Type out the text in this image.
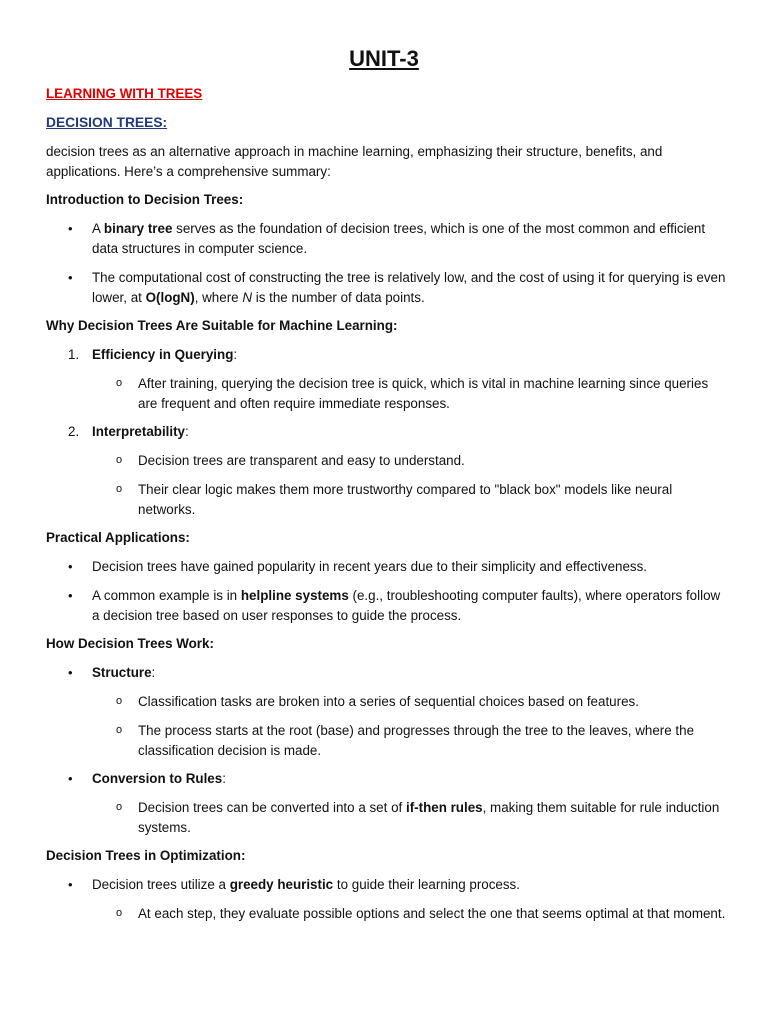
UNIT-3
LEARNING WITH TREES
DECISION TREES:
decision trees as an alternative approach in machine learning, emphasizing their structure, benefits, and applications. Here’s a comprehensive summary:
Introduction to Decision Trees:
• A binary tree serves as the foundation of decision trees, which is one of the most common and efficient data structures in computer science.
• The computational cost of constructing the tree is relatively low, and the cost of using it for querying is even lower, at O(logN), where N is the number of data points.
Why Decision Trees Are Suitable for Machine Learning:
1. Efficiency in Querying:
o After training, querying the decision tree is quick, which is vital in machine learning since queries are frequent and often require immediate responses.
2. Interpretability:
o Decision trees are transparent and easy to understand.
o Their clear logic makes them more trustworthy compared to "black box" models like neural networks.
Practical Applications:
• Decision trees have gained popularity in recent years due to their simplicity and effectiveness.
• A common example is in helpline systems (e.g., troubleshooting computer faults), where operators follow a decision tree based on user responses to guide the process.
How Decision Trees Work:
• Structure:
o Classification tasks are broken into a series of sequential choices based on features.
o The process starts at the root (base) and progresses through the tree to the leaves, where the classification decision is made.
• Conversion to Rules:
o Decision trees can be converted into a set of if-then rules, making them suitable for rule induction systems.
Decision Trees in Optimization:
• Decision trees utilize a greedy heuristic to guide their learning process.
o At each step, they evaluate possible options and select the one that seems optimal at that moment.
